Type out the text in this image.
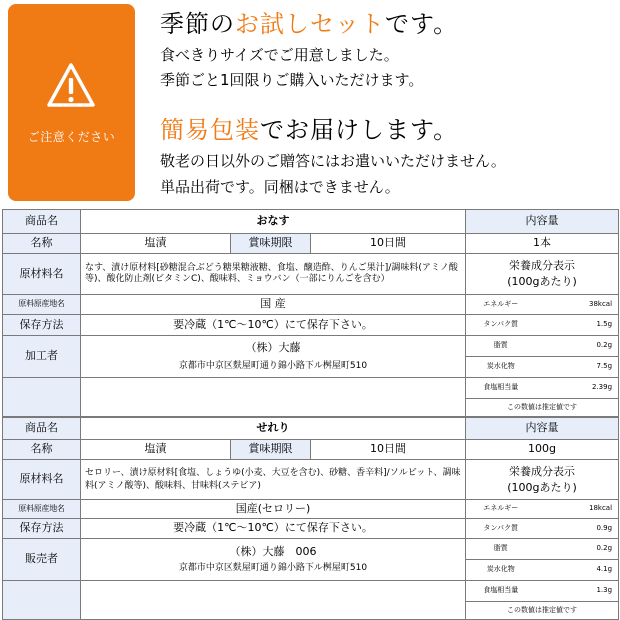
ご注意ください
季節のお試しセットです。
食べきりサイズでご用意しました。
季節ごと1回限りご購入いただけます。
簡易包装でお届けします。
敬老の日以外のご贈答にはお遣いいただけません。
単品出荷です。同梱はできません。
商品名	おなす			内容量	
名称	塩漬	賞味期限	10日間	1本	
原材料名	なす、漬け原材料[砂糖混合ぶどう糖果糖液糖、食塩、醸造酢、りんご果汁]/調味料(アミノ酸等)、酸化防止剤(ビタミンC)、酸味料、ミョウバン（一部にりんごを含む）			栄養成分表示
(100gあたり)	

原料原産地名	国 産			エネルギー	38kcal
保存方法	要冷蔵（1℃～10℃）にて保存下さい。			タンパク質	1.5g
加工者	（株）大藤
京都市中京区麩屋町通り錦小路下ル桝屋町510			脂質	0.2g
				炭水化物	7.5g
				食塩相当量	2.39g
				この数値は推定値です	
商品名	せれり			内容量	
名称	塩漬	賞味期限	10日間	100g	
原材料名	セロリー、漬け原材料[食塩、しょうゆ(小麦、大豆を含む)、砂糖、香辛料]/ソルビット、調味料(アミノ酸等)、酸味料、甘味料(ステビア)			栄養成分表示
(100gあたり)	

原料原産地名	国産(セロリー)			エネルギー	18kcal
保存方法	要冷蔵（1℃～10℃）にて保存下さい。			タンパク質	0.9g
販売者	（株）大藤　006
京都市中京区麩屋町通り錦小路下ル桝屋町510			脂質	0.2g
				炭水化物	4.1g
				食塩相当量	1.3g
				この数値は推定値です	
